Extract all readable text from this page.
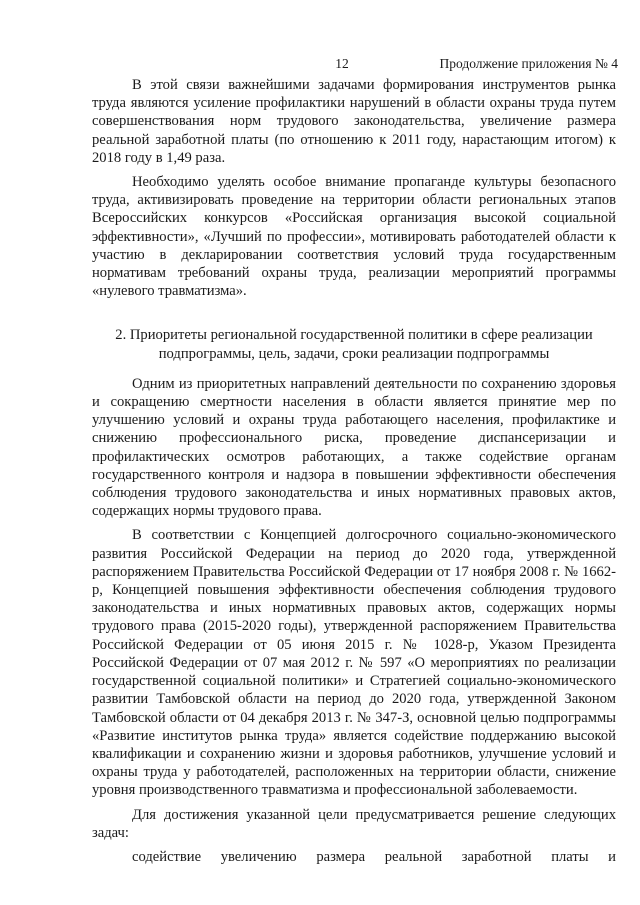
12	Продолжение приложения № 4

В этой связи важнейшими задачами формирования инструментов рынка труда являются усиление профилактики нарушений в области охраны труда путем совершенствования норм трудового законодательства, увеличение размера реальной заработной платы (по отношению к 2011 году, нарастающим итогом) к 2018 году в 1,49 раза.

Необходимо уделять особое внимание пропаганде культуры безопасного труда, активизировать проведение на территории области региональных этапов Всероссийских конкурсов «Российская организация высокой социальной эффективности», «Лучший по профессии», мотивировать работодателей области к участию в декларировании соответствия условий труда государственным нормативам требований охраны труда, реализации мероприятий программы «нулевого травматизма».

2. Приоритеты региональной государственной политики в сфере реализации
подпрограммы, цель, задачи, сроки реализации подпрограммы

Одним из приоритетных направлений деятельности по сохранению здоровья и сокращению смертности населения в области является принятие мер по улучшению условий и охраны труда работающего населения, профилактике и снижению профессионального риска, проведение диспансеризации и профилактических осмотров работающих, а также содействие органам государственного контроля и надзора в повышении эффективности обеспечения соблюдения трудового законодательства и иных нормативных правовых актов, содержащих нормы трудового права.

В соответствии с Концепцией долгосрочного социально-экономического развития Российской Федерации на период до 2020 года, утвержденной распоряжением Правительства Российской Федерации от 17 ноября 2008 г. № 1662-р, Концепцией повышения эффективности обеспечения соблюдения трудового законодательства и иных нормативных правовых актов, содержащих нормы трудового права (2015-2020 годы), утвержденной распоряжением Правительства Российской Федерации от 05 июня 2015 г. № 1028-р, Указом Президента Российской Федерации от 07 мая 2012 г. № 597 «О мероприятиях по реализации государственной социальной политики» и Стратегией социально-экономического развитии Тамбовской области на период до 2020 года, утвержденной Законом Тамбовской области от 04 декабря 2013 г. № 347-З, основной целью подпрограммы «Развитие институтов рынка труда» является содействие поддержанию высокой квалификации и сохранению жизни и здоровья работников, улучшение условий и охраны труда у работодателей, расположенных на территории области, снижение уровня производственного травматизма и профессиональной заболеваемости.

Для достижения указанной цели предусматривается решение следующих задач:

содействие увеличению размера реальной заработной платы и
